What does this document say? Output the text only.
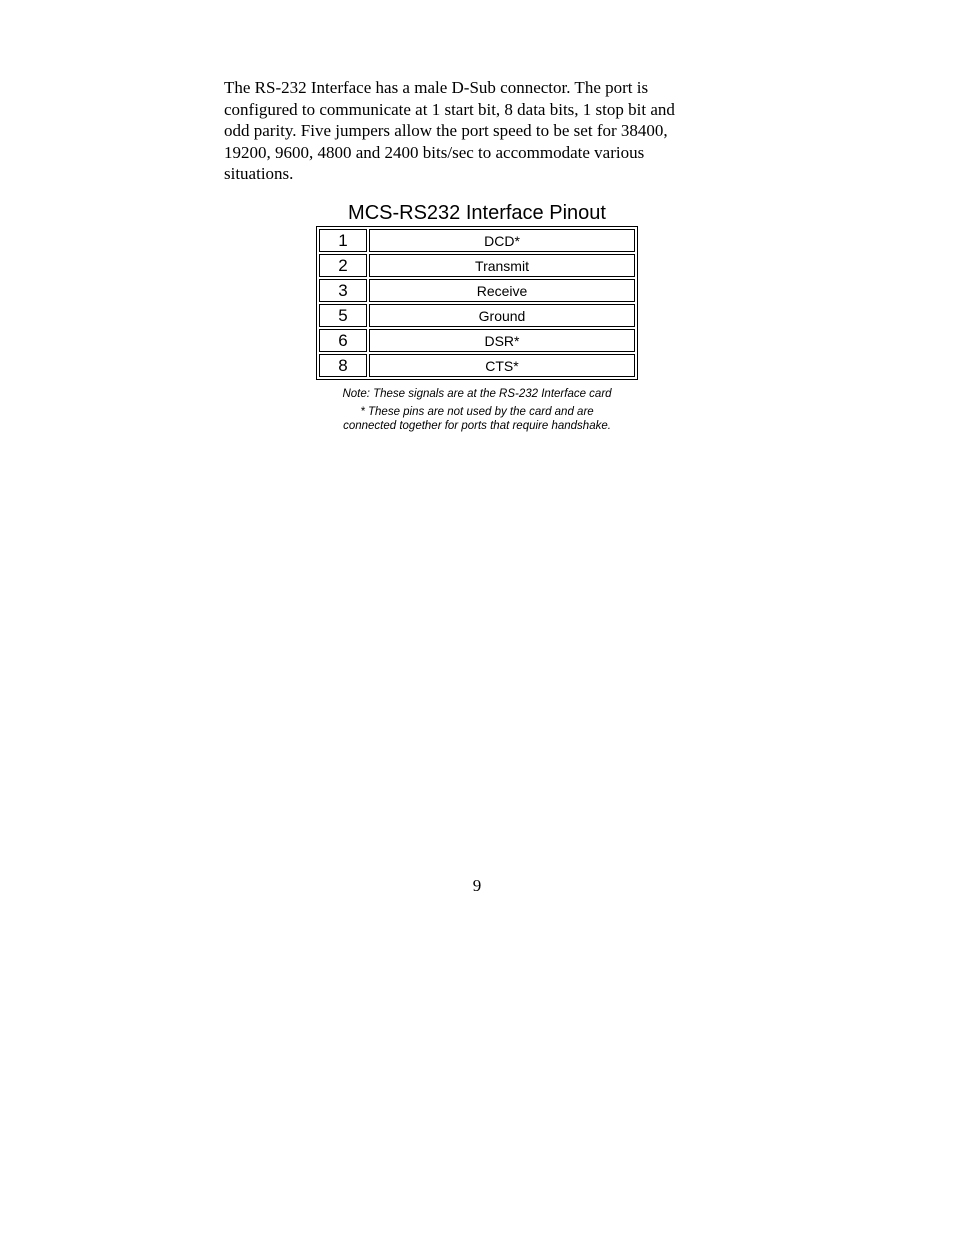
The RS-232 Interface has a male D-Sub connector. The port is
configured to communicate at 1 start bit, 8 data bits, 1 stop bit and
odd parity. Five jumpers allow the port speed to be set for 38400,
19200, 9600, 4800 and 2400 bits/sec to accommodate various
situations.

MCS-RS232 Interface Pinout
1	DCD*
2	Transmit
3	Receive
5	Ground
6	DSR*
8	CTS*

Note: These signals are at the RS-232 Interface card

* These pins are not used by the card and are
connected together for ports that require handshake.

9
